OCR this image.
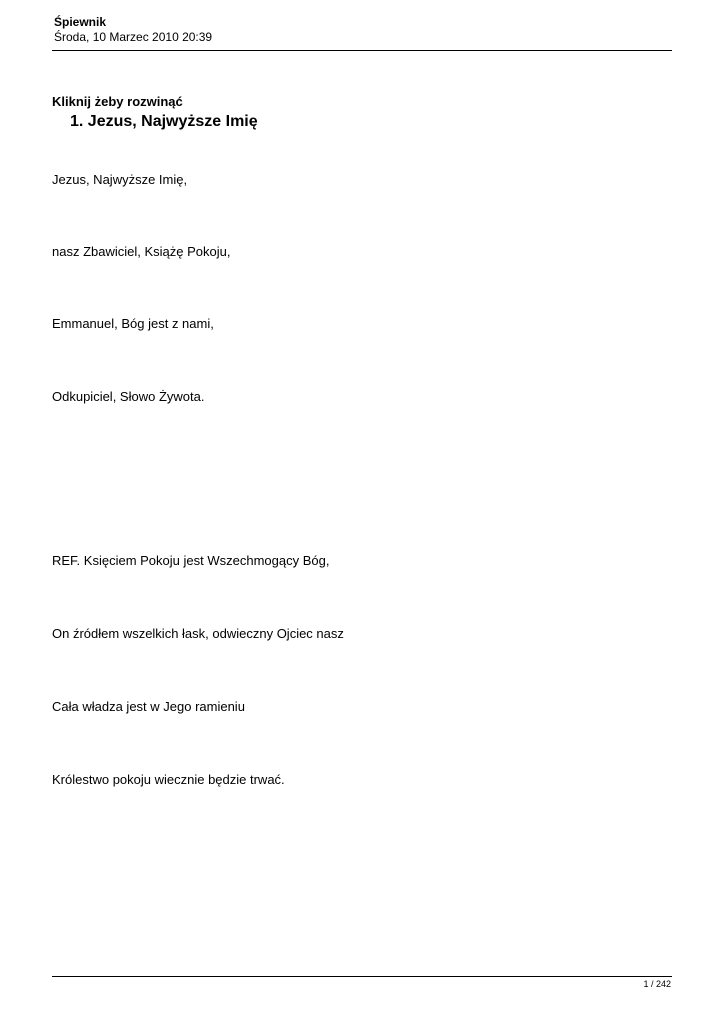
Śpiewnik

Środa, 10 Marzec 2010 20:39

Kliknij żeby rozwinąć
1. Jezus, Najwyższe Imię

Jezus, Najwyższe Imię,

nasz Zbawiciel, Książę Pokoju,

Emmanuel, Bóg jest z nami,

Odkupiciel, Słowo Żywota.

REF. Księciem Pokoju jest Wszechmogący Bóg,

On źródłem wszelkich łask, odwieczny Ojciec nasz

Cała władza jest w Jego ramieniu

Królestwo pokoju wiecznie będzie trwać.

1 / 242
